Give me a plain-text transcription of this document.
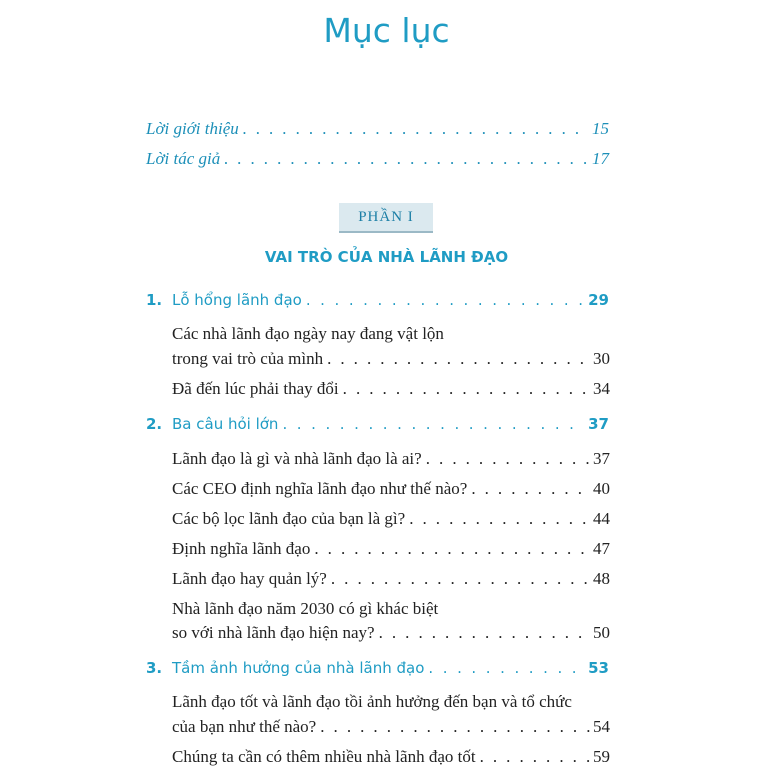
Mục lục
Lời giới thiệu . . .	15
Lời tác giả . . .	17
PHẦN I
VAI TRÒ CỦA NHÀ LÃNH ĐẠO
1. Lỗ hổng lãnh đạo . . .	29
Các nhà lãnh đạo ngày nay đang vật lộn
trong vai trò của mình . . .	30
Đã đến lúc phải thay đổi . . .	34
2. Ba câu hỏi lớn . . .	37
Lãnh đạo là gì và nhà lãnh đạo là ai? . . .	37
Các CEO định nghĩa lãnh đạo như thế nào? . . .	40
Các bộ lọc lãnh đạo của bạn là gì? . . .	44
Định nghĩa lãnh đạo . . .	47
Lãnh đạo hay quản lý? . . .	48
Nhà lãnh đạo năm 2030 có gì khác biệt
so với nhà lãnh đạo hiện nay? . . .	50
3. Tầm ảnh hưởng của nhà lãnh đạo . . .	53
Lãnh đạo tốt và lãnh đạo tồi ảnh hưởng đến bạn và tổ chức
của bạn như thế nào? . . .	54
Chúng ta cần có thêm nhiều nhà lãnh đạo tốt . . .	59
